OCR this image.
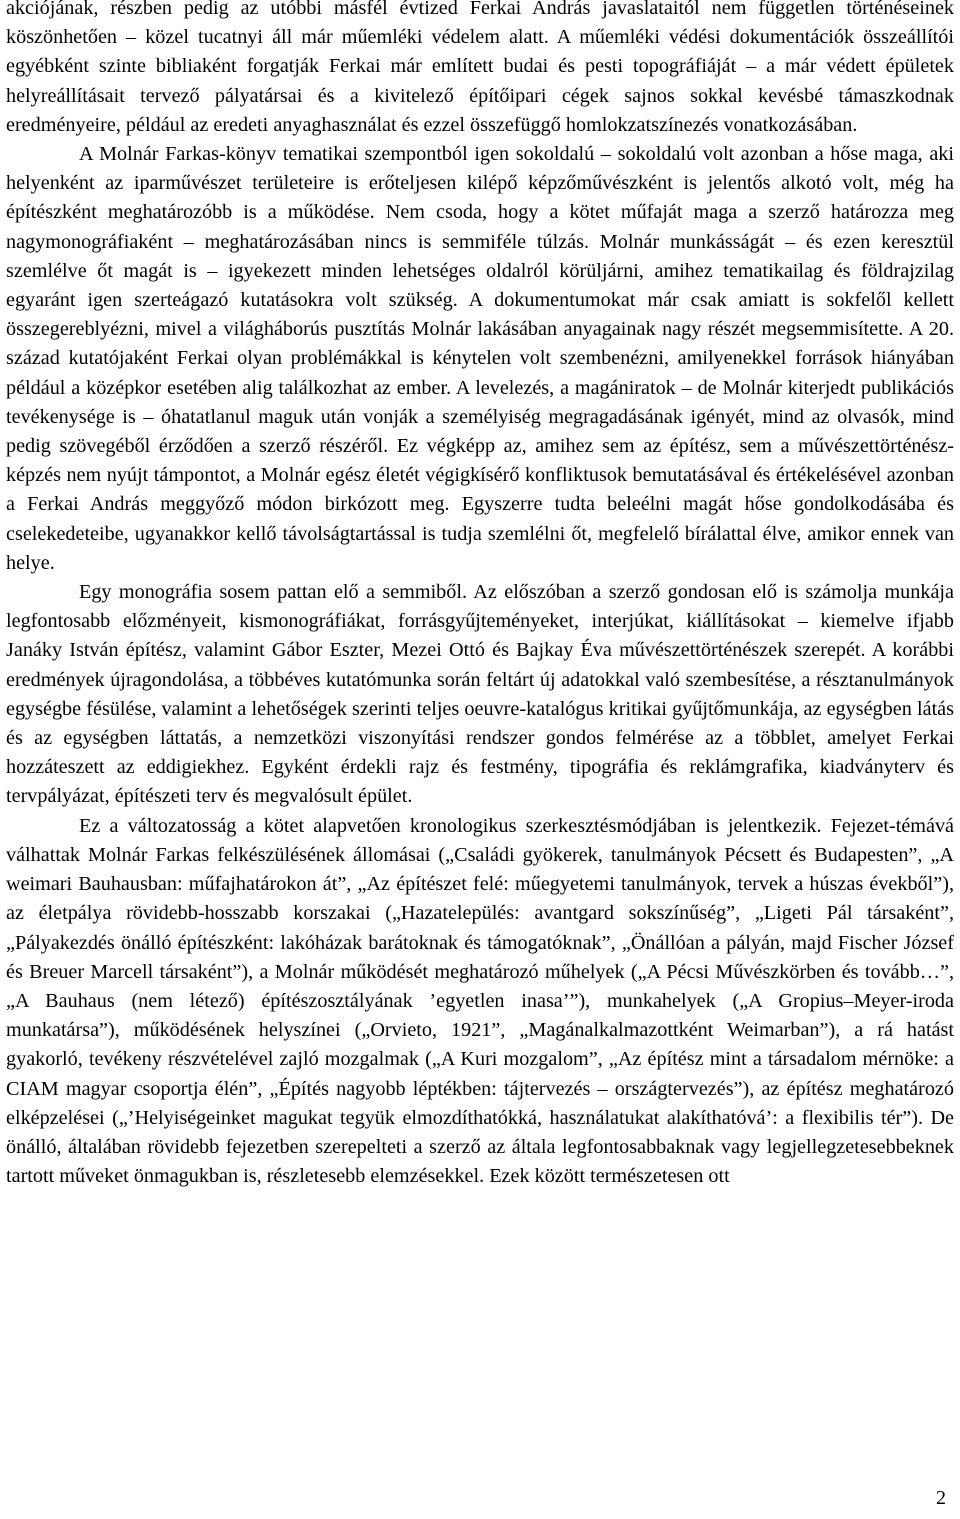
akciójának, részben pedig az utóbbi másfél évtized Ferkai András javaslataitól nem független történéseinek köszönhetően – közel tucatnyi áll már műemléki védelem alatt. A műemléki védési dokumentációk összeállítói egyébként szinte bibliaként forgatják Ferkai már említett budai és pesti topográfiáját – a már védett épületek helyreállításait tervező pályatársai és a kivitelező építőipari cégek sajnos sokkal kevésbé támaszkodnak eredményeire, például az eredeti anyaghasználat és ezzel összefüggő homlokzatszínezés vonatkozásában.

A Molnár Farkas-könyv tematikai szempontból igen sokoldalú – sokoldalú volt azonban a hőse maga, aki helyenként az iparművészet területeire is erőteljesen kilépő képzőművészként is jelentős alkotó volt, még ha építészként meghatározóbb is a működése. Nem csoda, hogy a kötet műfaját maga a szerző határozza meg nagymonográfiaként – meghatározásában nincs is semmiféle túlzás. Molnár munkásságát – és ezen keresztül szemlélve őt magát is – igyekezett minden lehetséges oldalról körüljárni, amihez tematikailag és földrajzilag egyaránt igen szerteágazó kutatásokra volt szükség. A dokumentumokat már csak amiatt is sokfelől kellett összegereblyézni, mivel a világháborús pusztítás Molnár lakásában anyagainak nagy részét megsemmisítette. A 20. század kutatójaként Ferkai olyan problémákkal is kénytelen volt szembenézni, amilyenekkel források hiányában például a középkor esetében alig találkozhat az ember. A levelezés, a magániratok – de Molnár kiterjedt publikációs tevékenysége is – óhatatlanul maguk után vonják a személyiség megragadásának igényét, mind az olvasók, mind pedig szövegéből érződően a szerző részéről. Ez végképp az, amihez sem az építész, sem a művészettörténész-képzés nem nyújt támpontot, a Molnár egész életét végigkísérő konfliktusok bemutatásával és értékelésével azonban a Ferkai András meggyőző módon birkózott meg. Egyszerre tudta beleélni magát hőse gondolkodásába és cselekedeteibe, ugyanakkor kellő távolságtartással is tudja szemlélni őt, megfelelő bírálattal élve, amikor ennek van helye.

Egy monográfia sosem pattan elő a semmiből. Az előszóban a szerző gondosan elő is számolja munkája legfontosabb előzményeit, kismonográfiákat, forrásgyűjteményeket, interjúkat, kiállításokat – kiemelve ifjabb Janáky István építész, valamint Gábor Eszter, Mezei Ottó és Bajkay Éva művészettörténészek szerepét. A korábbi eredmények újragondolása, a többéves kutatómunka során feltárt új adatokkal való szembesítése, a résztanulmányok egységbe fésülése, valamint a lehetőségek szerinti teljes oeuvre-katalógus kritikai gyűjtőmunkája, az egységben látás és az egységben láttatás, a nemzetközi viszonyítási rendszer gondos felmérése az a többlet, amelyet Ferkai hozzáteszett az eddigiekhez. Egyként érdekli rajz és festmény, tipográfia és reklámgrafika, kiadványterv és tervpályázat, építészeti terv és megvalósult épület.

Ez a változatosság a kötet alapvetően kronologikus szerkesztésmódjában is jelentkezik. Fejezet-témává válhattak Molnár Farkas felkészülésének állomásai („Családi gyökerek, tanulmányok Pécsett és Budapesten”, „A weimari Bauhausban: műfajhatárokon át”, „Az építészet felé: műegyetemi tanulmányok, tervek a húszas évekből”), az életpálya rövidebb-hosszabb korszakai („Hazatelepülés: avantgard sokszínűség”, „Ligeti Pál társaként”, „Pályakezdés önálló építészként: lakóházak barátoknak és támogatóknak”, „Önállóan a pályán, majd Fischer József és Breuer Marcell társaként”), a Molnár működését meghatározó műhelyek („A Pécsi Művészkörben és tovább…”, „A Bauhaus (nem létező) építészosztályának ’egyetlen inasa’”), munkahelyek („A Gropius–Meyer-iroda munkatársa”), működésének helyszínei („Orvieto, 1921”, „Magánalkalmazottként Weimarban”), a rá hatást gyakorló, tevékeny részvételével zajló mozgalmak („A Kuri mozgalom”, „Az építész mint a társadalom mérnöke: a CIAM magyar csoportja élén”, „Építés nagyobb léptékben: tájtervezés – országtervezés”), az építész meghatározó elképzelései („’Helyiségeinket magukat tegyük elmozdíthatókká, használatukat alakíthatóvá’: a flexibilis tér”). De önálló, általában rövidebb fejezetben szerepelteti a szerző az általa legfontosabbaknak vagy legjellegzetesebbeknek tartott műveket önmagukban is, részletesebb elemzésekkel. Ezek között természetesen ott

2
